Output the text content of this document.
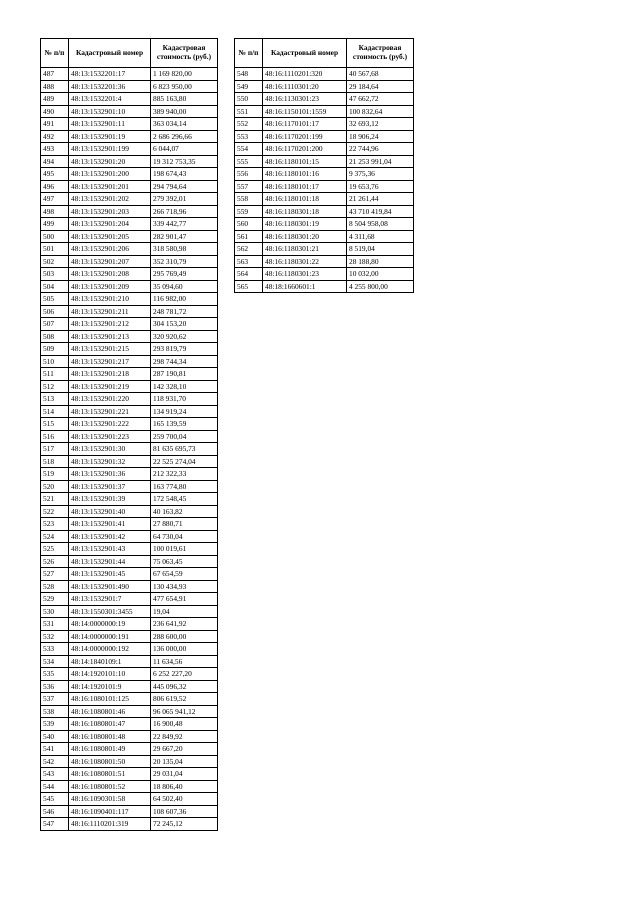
№ п/п	Кадастровый номер	Кадастровая стоимость (руб.)
487	48:13:1532201:17	1 169 820,00
488	48:13:1532201:36	6 823 950,00
489	48:13:1532201:4	885 163,80
490	48:13:1532901:10	389 940,00
491	48:13:1532901:11	363 034,14
492	48:13:1532901:19	2 686 296,66
493	48:13:1532901:199	6 044,07
494	48:13:1532901:20	19 312 753,35
495	48:13:1532901:200	198 674,43
496	48:13:1532901:201	294 794,64
497	48:13:1532901:202	279 392,01
498	48:13:1532901:203	266 718,96
499	48:13:1532901:204	339 442,77
500	48:13:1532901:205	282 901,47
501	48:13:1532901:206	318 580,98
502	48:13:1532901:207	352 310,79
503	48:13:1532901:208	295 769,49
504	48:13:1532901:209	35 094,60
505	48:13:1532901:210	116 982,00
506	48:13:1532901:211	248 781,72
507	48:13:1532901:212	304 153,20
508	48:13:1532901:213	320 920,62
509	48:13:1532901:215	293 819,79
510	48:13:1532901:217	298 744,34
511	48:13:1532901:218	287 190,81
512	48:13:1532901:219	142 328,10
513	48:13:1532901:220	118 931,70
514	48:13:1532901:221	134 919,24
515	48:13:1532901:222	165 139,59
516	48:13:1532901:223	259 700,04
517	48:13:1532901:30	81 635 695,73
518	48:13:1532901:32	22 525 274,04
519	48:13:1532901:36	212 322,33
520	48:13:1532901:37	163 774,80
521	48:13:1532901:39	172 548,45
522	48:13:1532901:40	40 163,82
523	48:13:1532901:41	27 880,71
524	48:13:1532901:42	64 730,04
525	48:13:1532901:43	100 019,61
526	48:13:1532901:44	75 063,45
527	48:13:1532901:45	67 654,59
528	48:13:1532901:490	130 434,93
529	48:13:1532901:7	477 654,91
530	48:13:1550301:3455	19,04
531	48:14:0000000:19	236 641,92
532	48:14:0000000:191	288 600,00
533	48:14:0000000:192	136 000,00
534	48:14:1840109:1	11 634,56
535	48:14:1920101:10	6 252 227,20
536	48:14:1920101:9	445 096,32
537	48:16:1080101:125	806 619,52
538	48:16:1080801:46	96 065 941,12
539	48:16:1080801:47	16 900,48
540	48:16:1080801:48	22 849,92
541	48:16:1080801:49	29 667,20
542	48:16:1080801:50	20 135,04
543	48:16:1080801:51	29 031,04
544	48:16:1080801:52	18 806,40
545	48:16:1090301:58	64 502,40
546	48:16:1090401:117	108 607,36
547	48:16:1110201:319	72 245,12
№ п/п	Кадастровый номер	Кадастровая стоимость (руб.)
548	48:16:1110201:320	40 567,68
549	48:16:1110301:20	29 184,64
550	48:16:1130301:23	47 662,72
551	48:16:1150101:1559	100 832,64
552	48:16:1170101:17	32 693,12
553	48:16:1170201:199	18 906,24
554	48:16:1170201:200	22 744,96
555	48:16:1180101:15	21 253 991,04
556	48:16:1180101:16	9 375,36
557	48:16:1180101:17	19 653,76
558	48:16:1180101:18	21 261,44
559	48:16:1180301:18	43 710 419,84
560	48:16:1180301:19	8 504 958,08
561	48:16:1180301:20	4 311,68
562	48:16:1180301:21	8 519,04
563	48:16:1180301:22	28 188,80
564	48:16:1180301:23	10 032,00
565	48:18:1660601:1	4 255 800,00
